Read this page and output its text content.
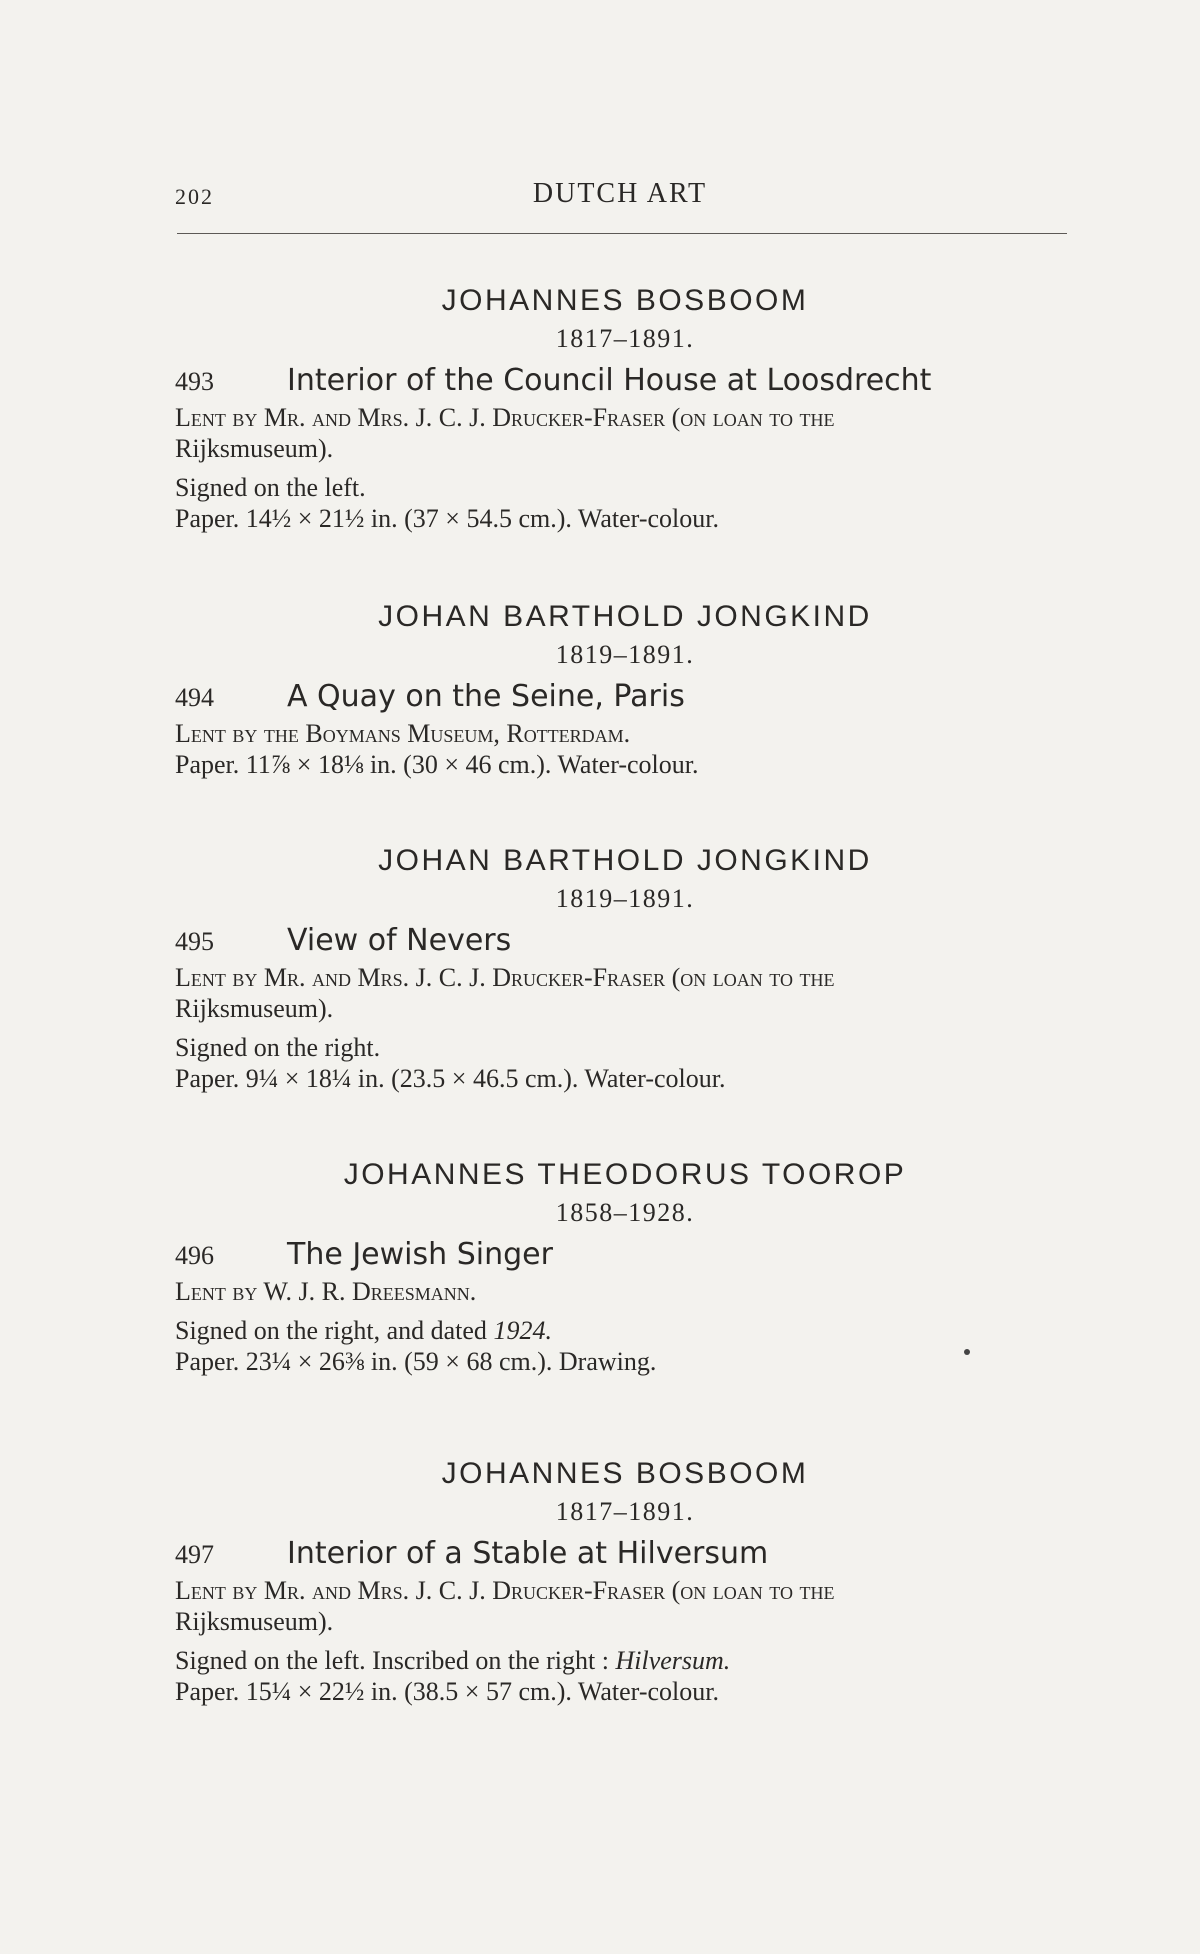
202	DUTCH ART
JOHANNES BOSBOOM
1817–1891.
493 Interior of the Council House at Loosdrecht
Lent by Mr. and Mrs. J. C. J. Drucker-Fraser (on loan to the
Rijksmuseum).
Signed on the left.
Paper. 14½ × 21½ in. (37 × 54.5 cm.). Water-colour.
JOHAN BARTHOLD JONGKIND
1819–1891.
494 A Quay on the Seine, Paris
Lent by the Boymans Museum, Rotterdam.
Paper. 11⅞ × 18⅛ in. (30 × 46 cm.). Water-colour.
JOHAN BARTHOLD JONGKIND
1819–1891.
495 View of Nevers
Lent by Mr. and Mrs. J. C. J. Drucker-Fraser (on loan to the
Rijksmuseum).
Signed on the right.
Paper. 9¼ × 18¼ in. (23.5 × 46.5 cm.). Water-colour.
JOHANNES THEODORUS TOOROP
1858–1928.
496 The Jewish Singer
Lent by W. J. R. Dreesmann.
Signed on the right, and dated 1924.
Paper. 23¼ × 26⅜ in. (59 × 68 cm.). Drawing.
JOHANNES BOSBOOM
1817–1891.
497 Interior of a Stable at Hilversum
Lent by Mr. and Mrs. J. C. J. Drucker-Fraser (on loan to the
Rijksmuseum).
Signed on the left. Inscribed on the right : Hilversum.
Paper. 15¼ × 22½ in. (38.5 × 57 cm.). Water-colour.
